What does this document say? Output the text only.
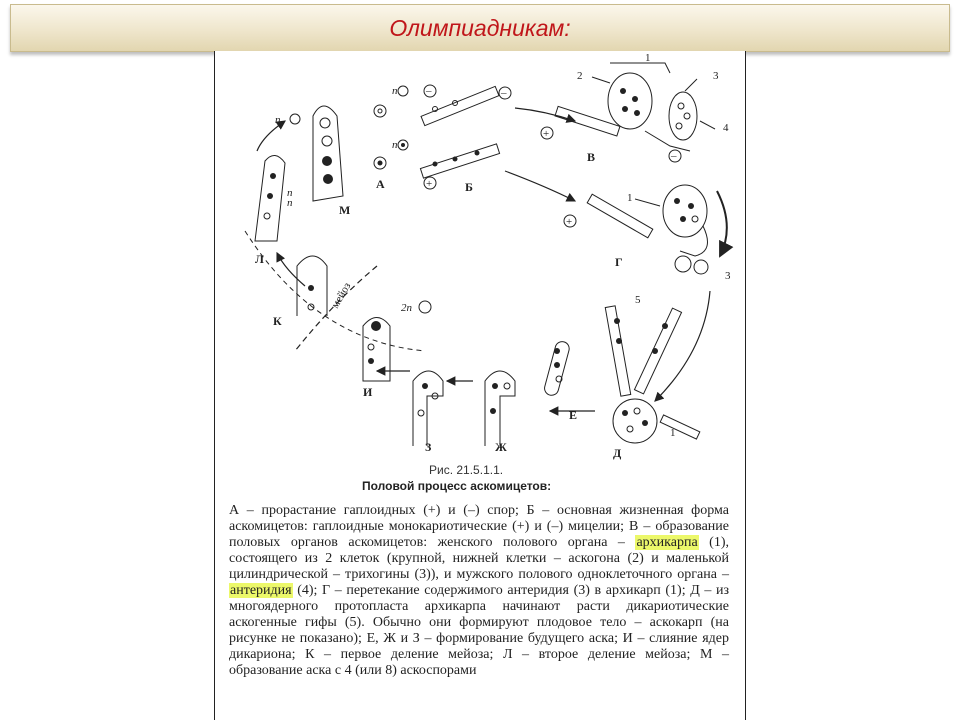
Олимпиадникам:
n
n
–
+
–
+
–
+
2n
мейоз
n
n
n
А	Б
В
Г
Д
Е
Ж
З
И
К
Л
М
1
2	3
4
1
3
5
1
Рис. 21.5.1.1.
Половой процесс аскомицетов:
А – прорастание гаплоидных (+) и (–) спор; Б – основная жизненная форма аскомицетов: гаплоидные монокариотические (+) и (–) мицелии; В – образование половых органов аскомицетов: женского полового органа – архикарпа (1), состоящего из 2 клеток (крупной, нижней клетки – аскогона (2) и маленькой цилиндрической – трихогины (3)), и мужского полового одноклеточного органа – антеридия (4); Г – перетекание содержимого антеридия (3) в архикарп (1); Д – из многоядерного протопласта архикарпа начинают расти дикариотические аскогенные гифы (5). Обычно они формируют плодовое тело – аскокарп (на рисунке не показано); Е, Ж и З – формирование будущего аска; И – слияние ядер дикариона; К – первое деление мейоза; Л – второе деление мейоза; М – образование аска с 4 (или 8) аскоспорами
